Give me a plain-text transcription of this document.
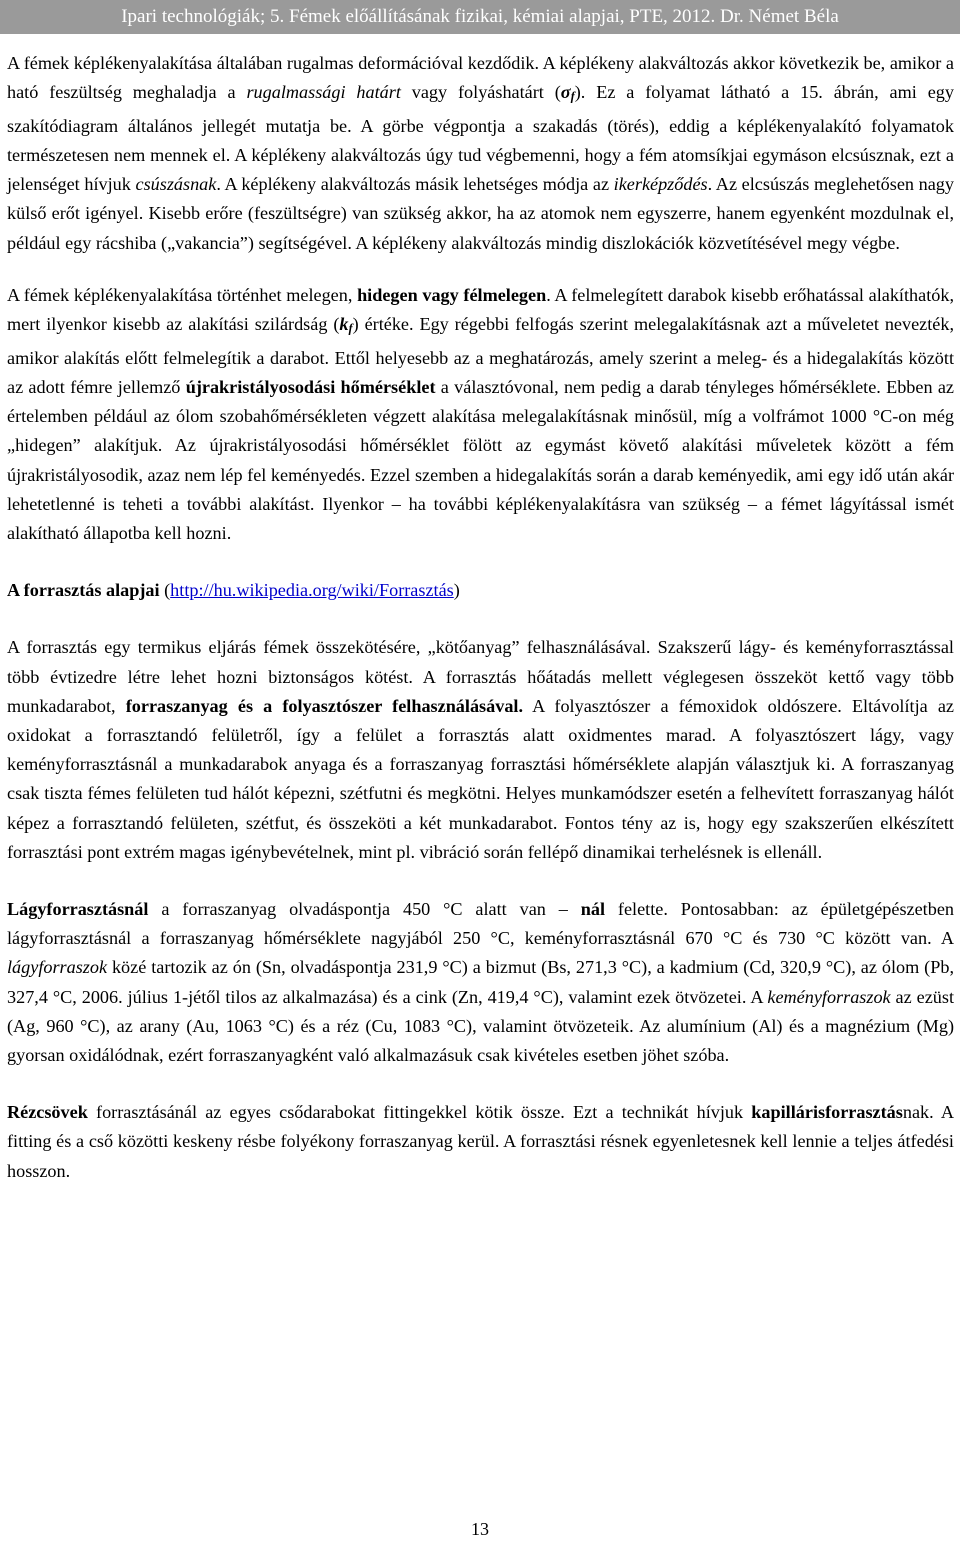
Ipari technológiák; 5. Fémek előállításának fizikai, kémiai alapjai, PTE, 2012. Dr. Német Béla

A fémek képlékenyalakítása általában rugalmas deformációval kezdődik. A képlékeny alakváltozás akkor következik be, amikor a ható feszültség meghaladja a rugalmassági határt vagy folyáshatárt $(\sigma_f)$. Ez a folyamat látható a 15. ábrán, ami egy szakítódiagram általános jellegét mutatja be. A görbe végpontja a szakadás (törés), eddig a képlékenyalakító folyamatok természetesen nem mennek el. A képlékeny alakváltozás úgy tud végbemenni, hogy a fém atomsíkjai egymáson elcsúsznak, ezt a jelenséget hívjuk csúszásnak. A képlékeny alakváltozás másik lehetséges módja az ikerképződés. Az elcsúszás meglehetősen nagy külső erőt igényel. Kisebb erőre (feszültségre) van szükség akkor, ha az atomok nem egyszerre, hanem egyenként mozdulnak el, például egy rácshiba („vakancia”) segítségével. A képlékeny alakváltozás mindig diszlokációk közvetítésével megy végbe.

A fémek képlékenyalakítása történhet melegen, hidegen vagy félmelegen. A felmelegített darabok kisebb erőhatással alakíthatók, mert ilyenkor kisebb az alakítási szilárdság $(k_f)$ értéke. Egy régebbi felfogás szerint melegalakításnak azt a műveletet nevezték, amikor alakítás előtt felmelegítik a darabot. Ettől helyesebb az a meghatározás, amely szerint a meleg- és a hidegalakítás között az adott fémre jellemző újrakristályosodási hőmérséklet a választóvonal, nem pedig a darab tényleges hőmérséklete. Ebben az értelemben például az ólom szobahőmérsékleten végzett alakítása melegalakításnak minősül, míg a volfrámot 1000 °C-on még „hidegen” alakítjuk. Az újrakristályosodási hőmérséklet fölött az egymást követő alakítási műveletek között a fém újrakristályosodik, azaz nem lép fel keményedés. Ezzel szemben a hidegalakítás során a darab keményedik, ami egy idő után akár lehetetlenné is teheti a további alakítást. Ilyenkor – ha további képlékenyalakításra van szükség – a fémet lágyítással ismét alakítható állapotba kell hozni.

A forrasztás alapjai (http://hu.wikipedia.org/wiki/Forrasztás)

A forrasztás egy termikus eljárás fémek összekötésére, „kötőanyag” felhasználásával. Szakszerű lágy- és keményforrasztással több évtizedre létre lehet hozni biztonságos kötést. A forrasztás hőátadás mellett véglegesen összeköt kettő vagy több munkadarabot, forraszanyag és a folyasztószer felhasználásával. A folyasztószer a fémoxidok oldószere. Eltávolítja az oxidokat a forrasztandó felületről, így a felület a forrasztás alatt oxidmentes marad. A folyasztószert lágy, vagy keményforrasztásnál a munkadarabok anyaga és a forraszanyag forrasztási hőmérséklete alapján választjuk ki. A forraszanyag csak tiszta fémes felületen tud hálót képezni, szétfutni és megkötni. Helyes munkamódszer esetén a felhevített forraszanyag hálót képez a forrasztandó felületen, szétfut, és összeköti a két munkadarabot. Fontos tény az is, hogy egy szakszerűen elkészített forrasztási pont extrém magas igénybevételnek, mint pl. vibráció során fellépő dinamikai terhelésnek is ellenáll.

Lágyforrasztásnál a forraszanyag olvadáspontja 450 °C alatt van – nál felette. Pontosabban: az épületgépészetben lágyforrasztásnál a forraszanyag hőmérséklete nagyjából 250 °C, keményforrasztásnál 670 °C és 730 °C között van. A lágyforraszok közé tartozik az ón (Sn, olvadáspontja 231,9 °C) a bizmut (Bs, 271,3 °C), a kadmium (Cd, 320,9 °C), az ólom (Pb, 327,4 °C, 2006. július 1-jétől tilos az alkalmazása) és a cink (Zn, 419,4 °C), valamint ezek ötvözetei. A keményforraszok az ezüst (Ag, 960 °C), az arany (Au, 1063 °C) és a réz (Cu, 1083 °C), valamint ötvözeteik. Az alumínium (Al) és a magnézium (Mg) gyorsan oxidálódnak, ezért forraszanyagként való alkalmazásuk csak kivételes esetben jöhet szóba.

Rézcsövek forrasztásánál az egyes csődarabokat fittingekkel kötik össze. Ezt a technikát hívjuk kapillárisforrasztásnak. A fitting és a cső közötti keskeny résbe folyékony forraszanyag kerül. A forrasztási résnek egyenletesnek kell lennie a teljes átfedési hosszon.

13
